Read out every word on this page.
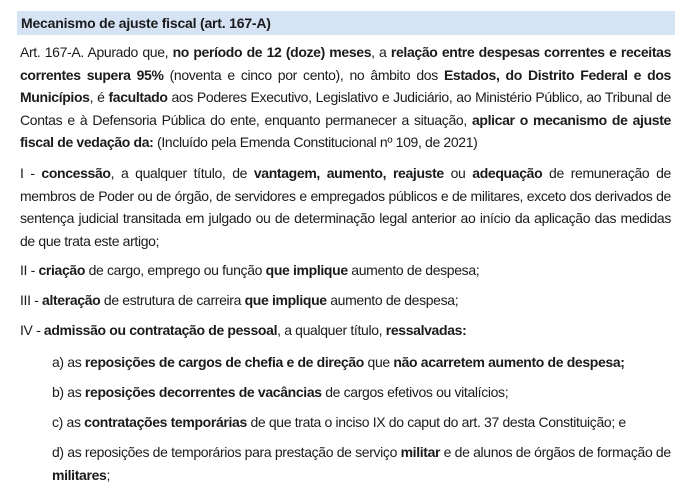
Mecanismo de ajuste fiscal (art. 167-A)

Art. 167-A. Apurado que, no período de 12 (doze) meses, a relação entre despesas correntes e receitas correntes supera 95% (noventa e cinco por cento), no âmbito dos Estados, do Distrito Federal e dos Municípios, é facultado aos Poderes Executivo, Legislativo e Judiciário, ao Ministério Público, ao Tribunal de Contas e à Defensoria Pública do ente, enquanto permanecer a situação, aplicar o mecanismo de ajuste fiscal de vedação da: (Incluído pela Emenda Constitucional nº 109, de 2021)

I - concessão, a qualquer título, de vantagem, aumento, reajuste ou adequação de remuneração de membros de Poder ou de órgão, de servidores e empregados públicos e de militares, exceto dos derivados de sentença judicial transitada em julgado ou de determinação legal anterior ao início da aplicação das medidas de que trata este artigo;

II - criação de cargo, emprego ou função que implique aumento de despesa;

III - alteração de estrutura de carreira que implique aumento de despesa;

IV - admissão ou contratação de pessoal, a qualquer título, ressalvadas:

a) as reposições de cargos de chefia e de direção que não acarretem aumento de despesa;

b) as reposições decorrentes de vacâncias de cargos efetivos ou vitalícios;

c) as contratações temporárias de que trata o inciso IX do caput do art. 37 desta Constituição; e

d) as reposições de temporários para prestação de serviço militar e de alunos de órgãos de formação de militares;
